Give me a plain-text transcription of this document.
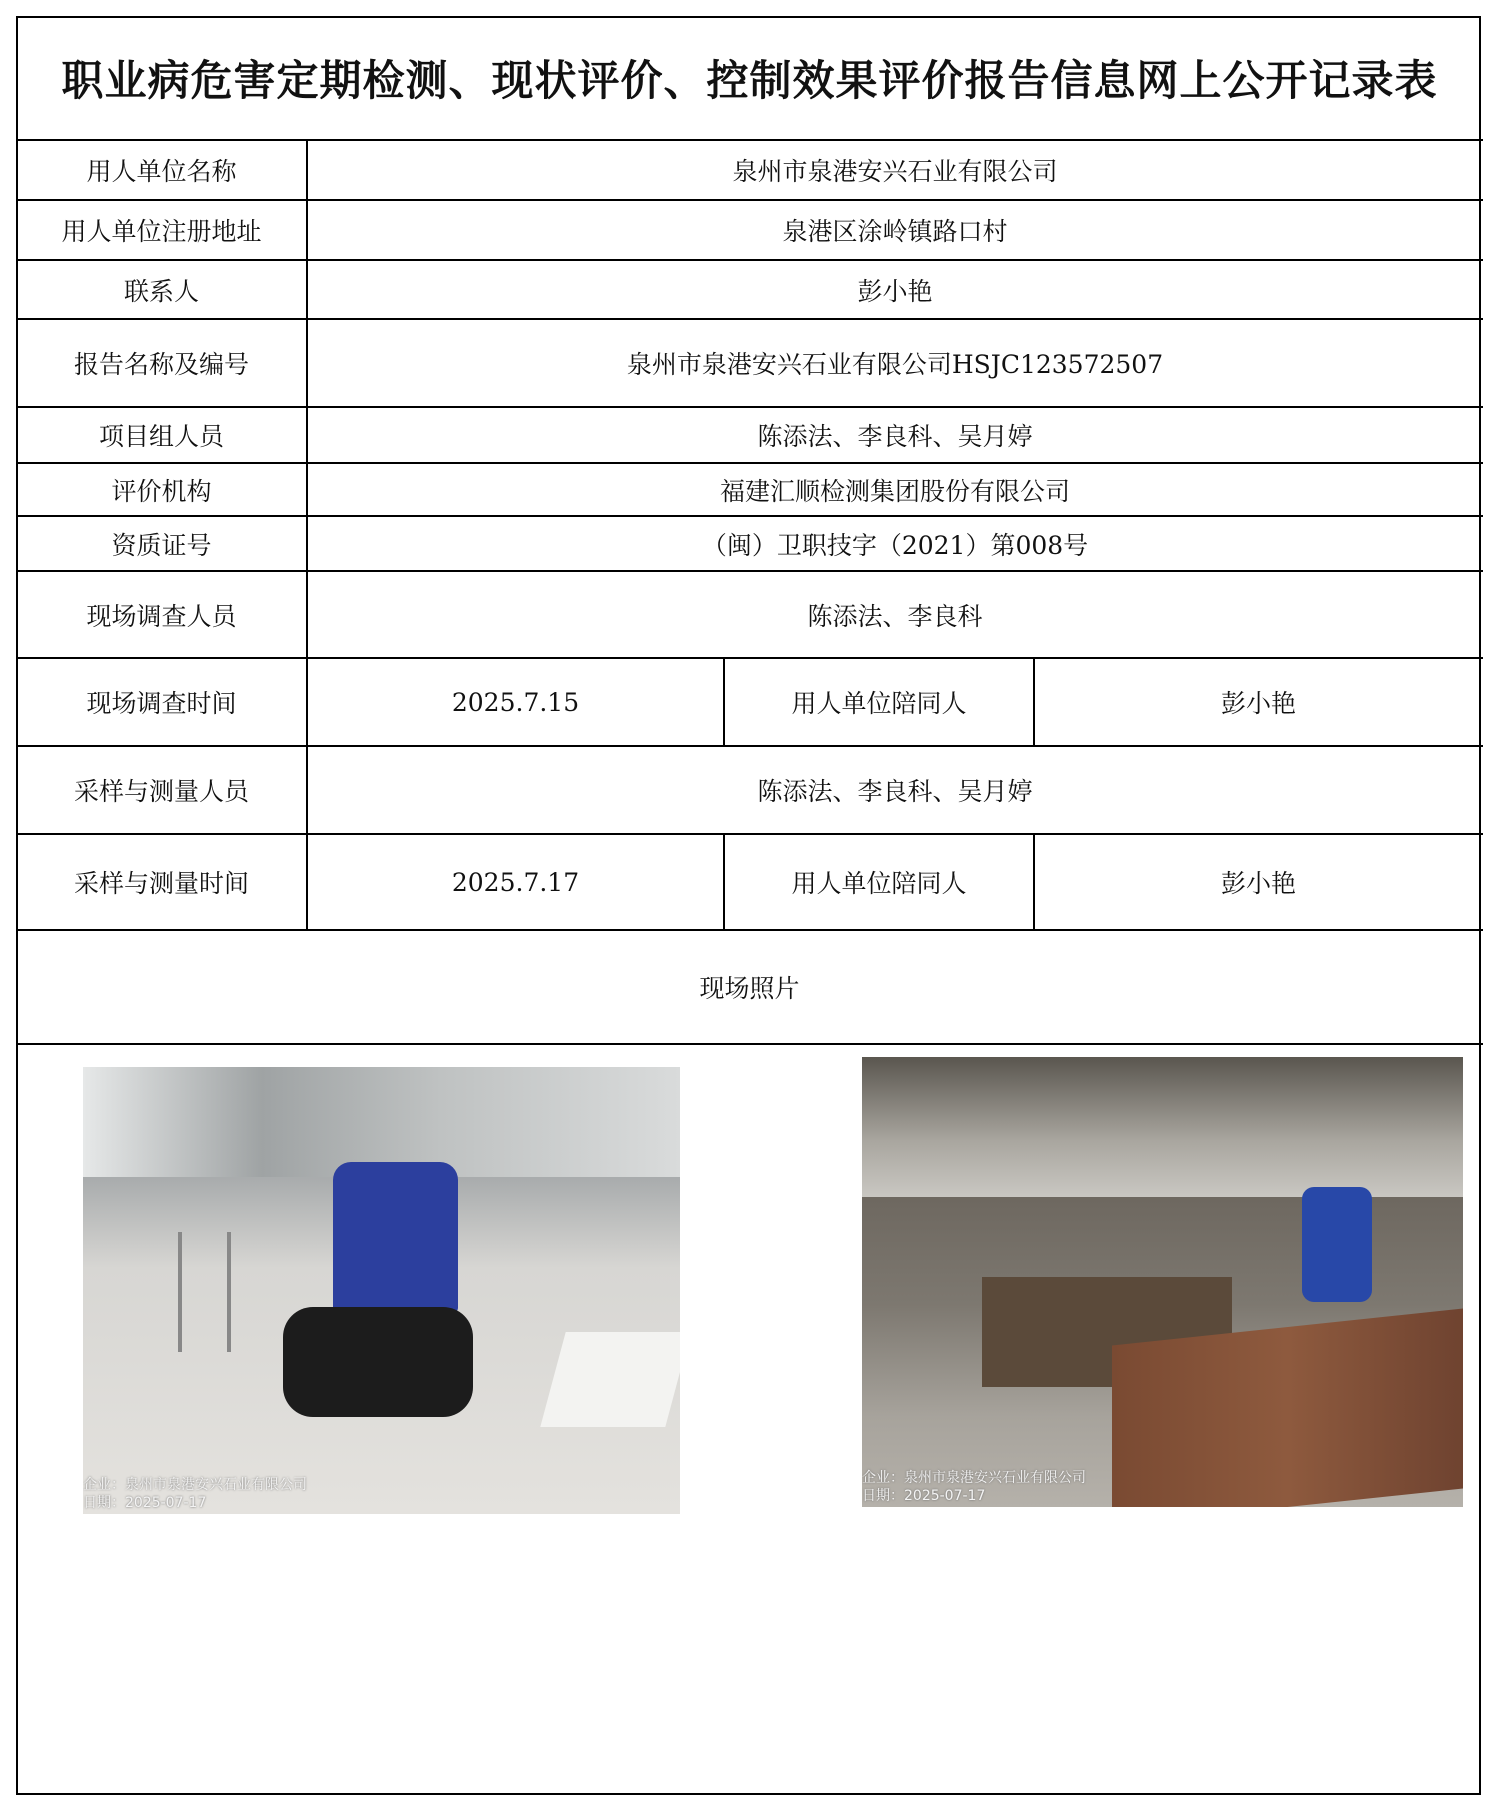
职业病危害定期检测、现状评价、控制效果评价报告信息网上公开记录表
用人单位名称	泉州市泉港安兴石业有限公司
用人单位注册地址	泉港区涂岭镇路口村
联系人	彭小艳
报告名称及编号	泉州市泉港安兴石业有限公司HSJC123572507
项目组人员	陈添法、李良科、吴月婷
评价机构	福建汇顺检测集团股份有限公司
资质证号	（闽）卫职技字（2021）第008号
现场调查人员	陈添法、李良科
现场调查时间	2025.7.15	用人单位陪同人	彭小艳
采样与测量人员	陈添法、李良科、吴月婷
采样与测量时间	2025.7.17	用人单位陪同人	彭小艳
现场照片
企业：泉州市泉港安兴石业有限公司
日期：2025-07-17
企业：泉州市泉港安兴石业有限公司
日期：2025-07-17
